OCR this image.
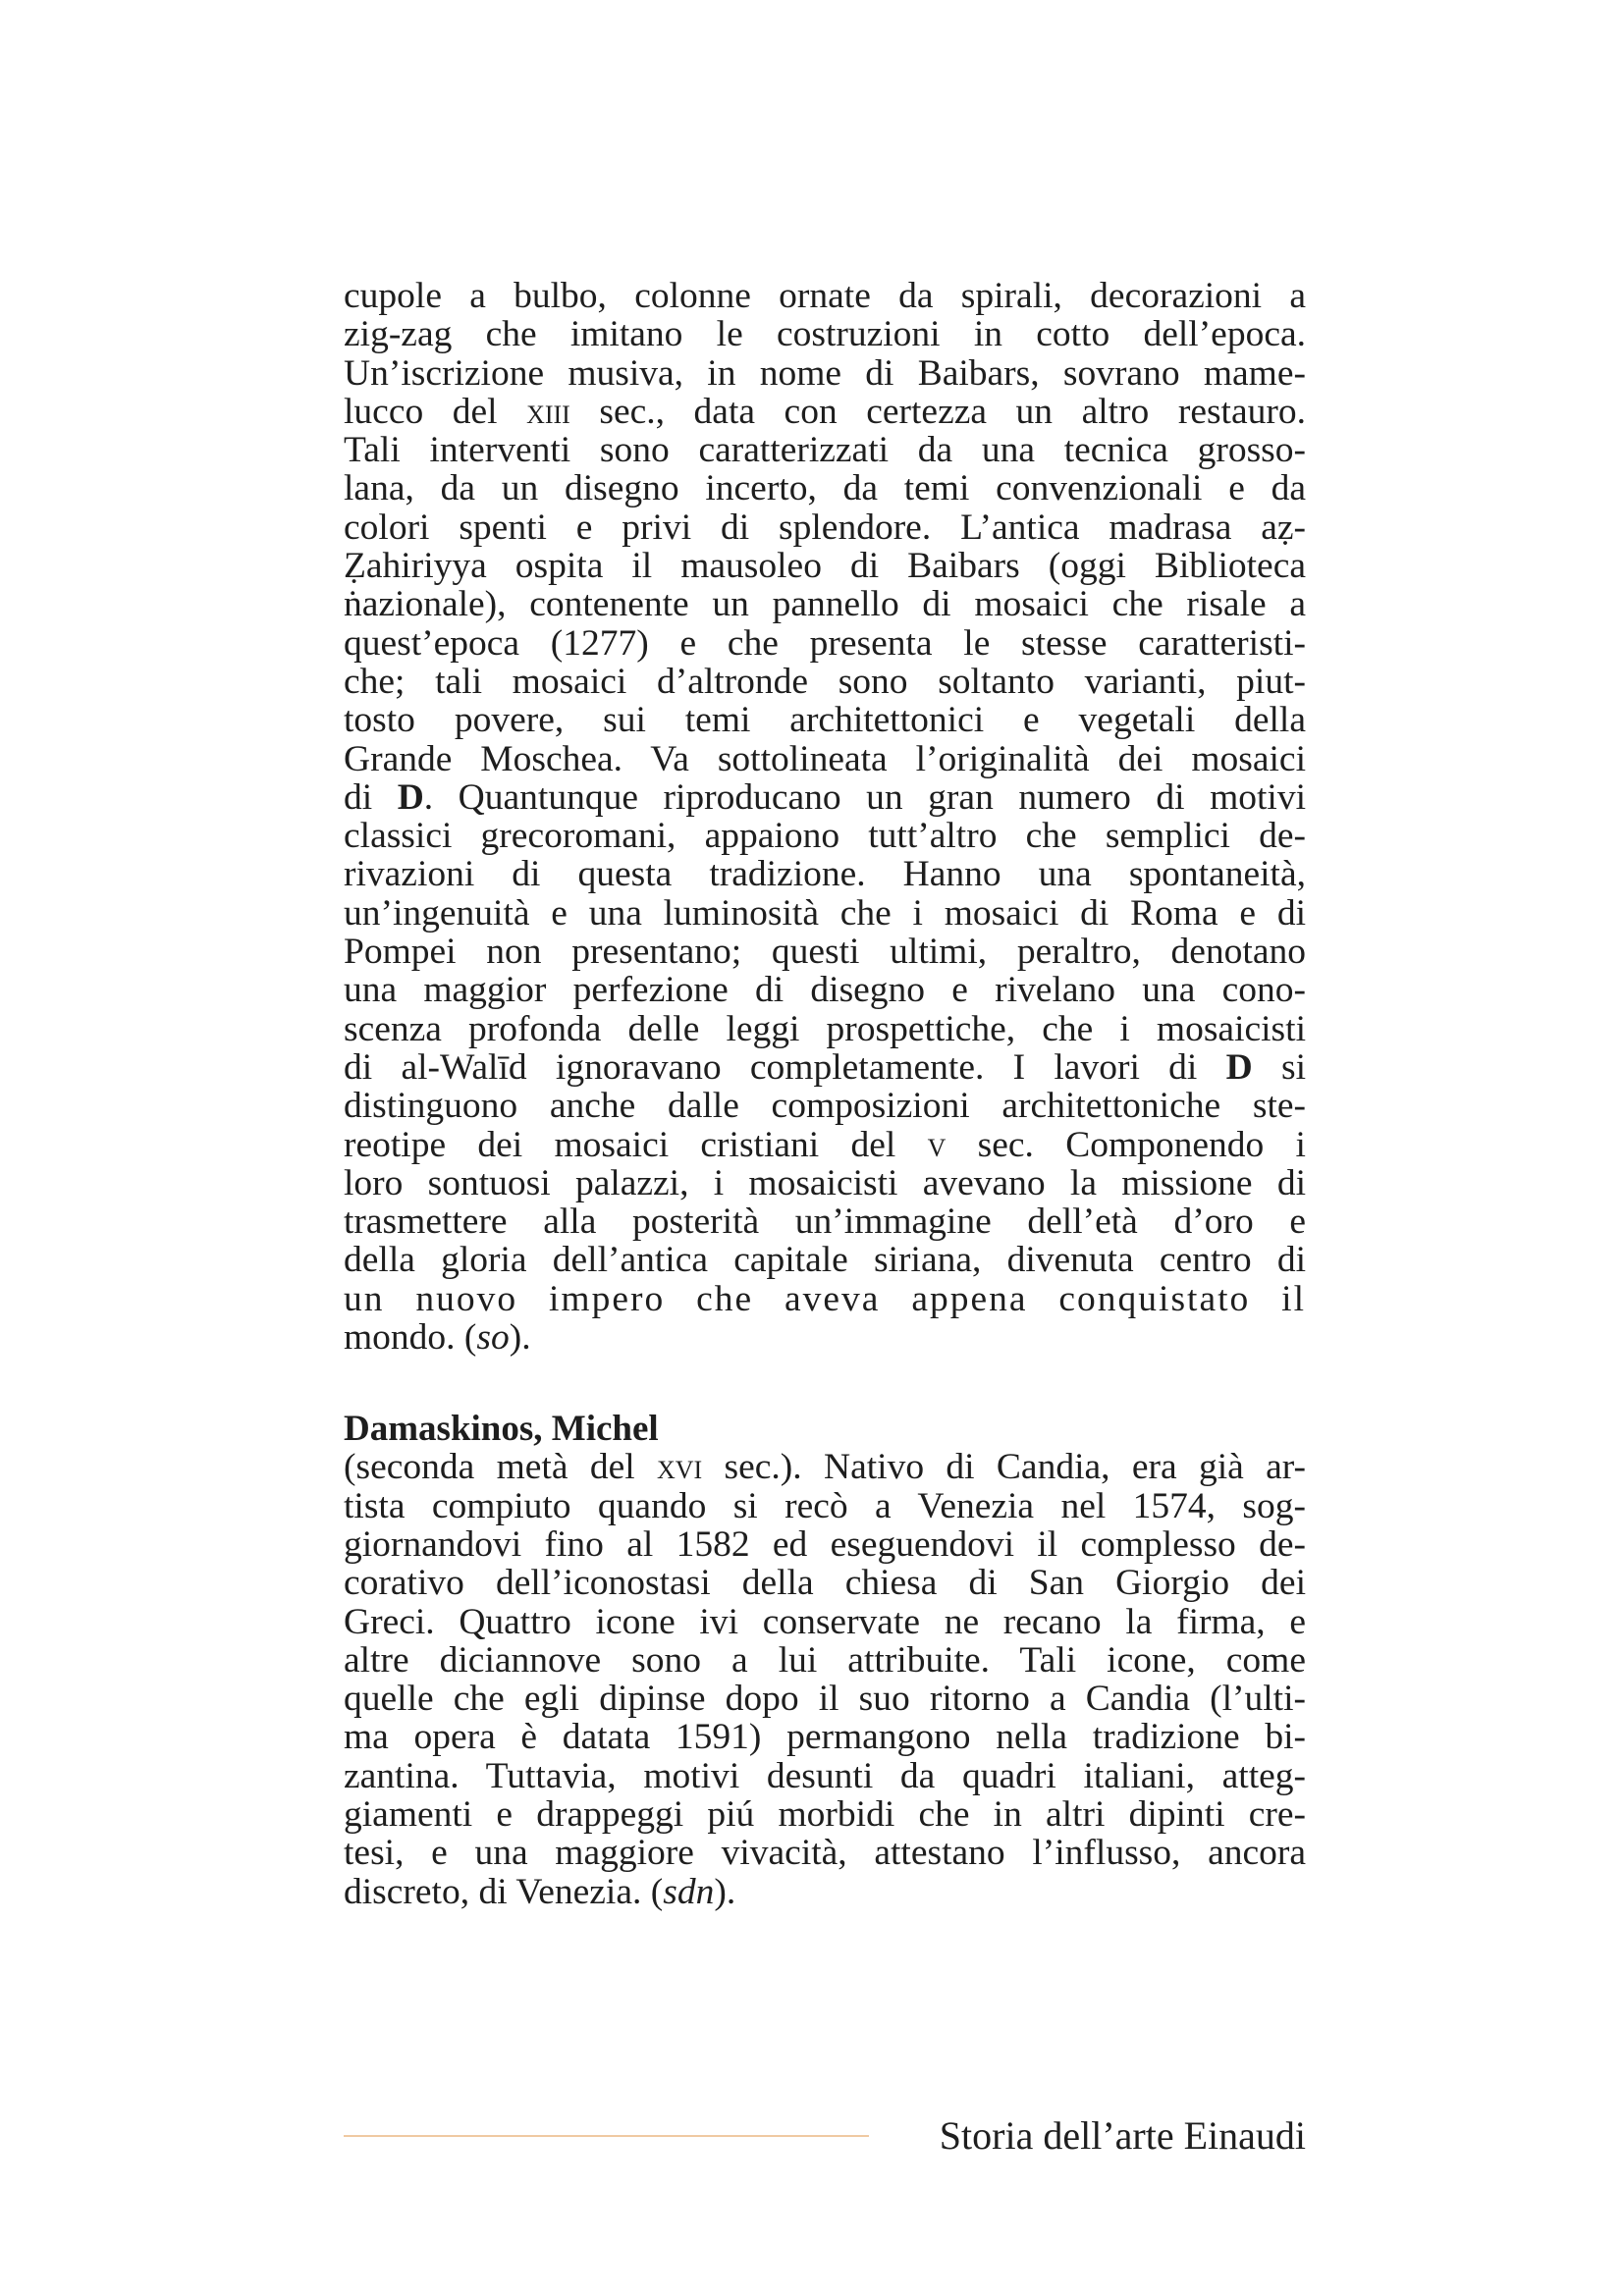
cupole a bulbo, colonne ornate da spirali, decorazioni a
zig-zag che imitano le costruzioni in cotto dell’epoca.
Un’iscrizione musiva, in nome di Baibars, sovrano mame-
lucco del xiii sec., data con certezza un altro restauro.
Tali interventi sono caratterizzati da una tecnica grosso-
lana, da un disegno incerto, da temi convenzionali e da
colori spenti e privi di splendore. L’antica madrasa aẓ-
Ẓahiriyya ospita il mausoleo di Baibars (oggi Biblioteca
ṅazionale), contenente un pannello di mosaici che risale a
quest’epoca (1277) e che presenta le stesse caratteristi-
che; tali mosaici d’altronde sono soltanto varianti, piut-
tosto povere, sui temi architettonici e vegetali della
Grande Moschea. Va sottolineata l’originalità dei mosaici
di D. Quantunque riproducano un gran numero di motivi
classici grecoromani, appaiono tutt’altro che semplici de-
rivazioni di questa tradizione. Hanno una spontaneità,
un’ingenuità e una luminosità che i mosaici di Roma e di
Pompei non presentano; questi ultimi, peraltro, denotano
una maggior perfezione di disegno e rivelano una cono-
scenza profonda delle leggi prospettiche, che i mosaicisti
di al-Walīd ignoravano completamente. I lavori di D si
distinguono anche dalle composizioni architettoniche ste-
reotipe dei mosaici cristiani del v sec. Componendo i
loro sontuosi palazzi, i mosaicisti avevano la missione di
trasmettere alla posterità un’immagine dell’età d’oro e
della gloria dell’antica capitale siriana, divenuta centro di
un nuovo impero che aveva appena conquistato il
mondo. (so).
Damaskinos, Michel
(seconda metà del xvi sec.). Nativo di Candia, era già ar-
tista compiuto quando si recò a Venezia nel 1574, sog-
giornandovi fino al 1582 ed eseguendovi il complesso de-
corativo dell’iconostasi della chiesa di San Giorgio dei
Greci. Quattro icone ivi conservate ne recano la firma, e
altre diciannove sono a lui attribuite. Tali icone, come
quelle che egli dipinse dopo il suo ritorno a Candia (l’ulti-
ma opera è datata 1591) permangono nella tradizione bi-
zantina. Tuttavia, motivi desunti da quadri italiani, atteg-
giamenti e drappeggi piú morbidi che in altri dipinti cre-
tesi, e una maggiore vivacità, attestano l’influsso, ancora
discreto, di Venezia. (sdn).
Storia dell’arte Einaudi
